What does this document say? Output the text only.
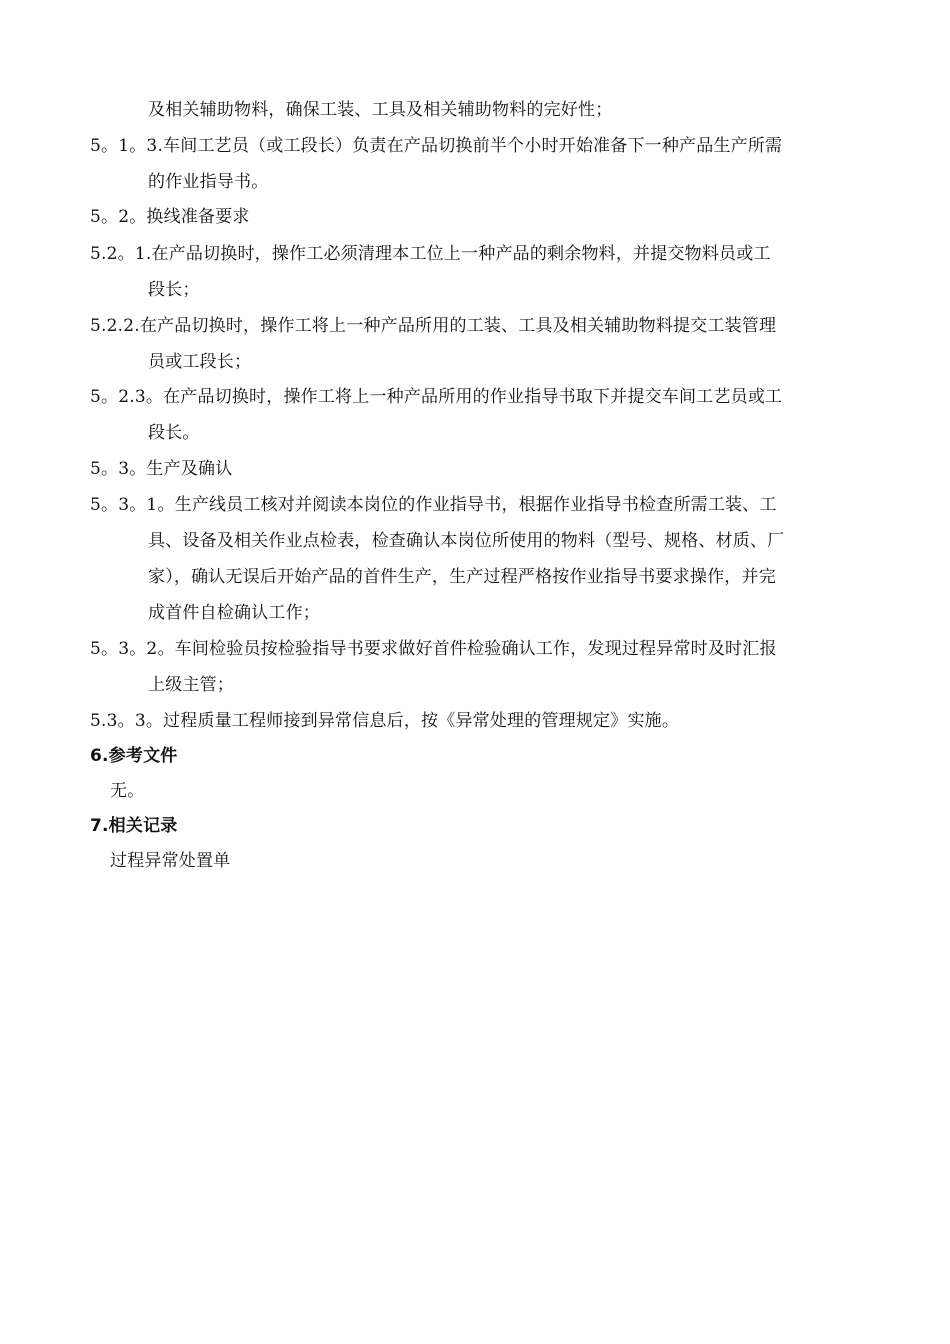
及相关辅助物料，确保工装、工具及相关辅助物料的完好性；
5。1。3.车间工艺员（或工段长）负责在产品切换前半个小时开始准备下一种产品生产所需
的作业指导书。
5。2。换线准备要求
5.2。1.在产品切换时，操作工必须清理本工位上一种产品的剩余物料，并提交物料员或工
段长；
5.2.2.在产品切换时，操作工将上一种产品所用的工装、工具及相关辅助物料提交工装管理
员或工段长；
5。2.3。在产品切换时，操作工将上一种产品所用的作业指导书取下并提交车间工艺员或工
段长。
5。3。生产及确认
5。3。1。生产线员工核对并阅读本岗位的作业指导书，根据作业指导书检查所需工装、工
具、设备及相关作业点检表，检查确认本岗位所使用的物料（型号、规格、材质、厂
家），确认无误后开始产品的首件生产，生产过程严格按作业指导书要求操作，并完
成首件自检确认工作；
5。3。2。车间检验员按检验指导书要求做好首件检验确认工作，发现过程异常时及时汇报
上级主管；
5.3。3。过程质量工程师接到异常信息后，按《异常处理的管理规定》实施。
6.参考文件
无。
7.相关记录
过程异常处置单
